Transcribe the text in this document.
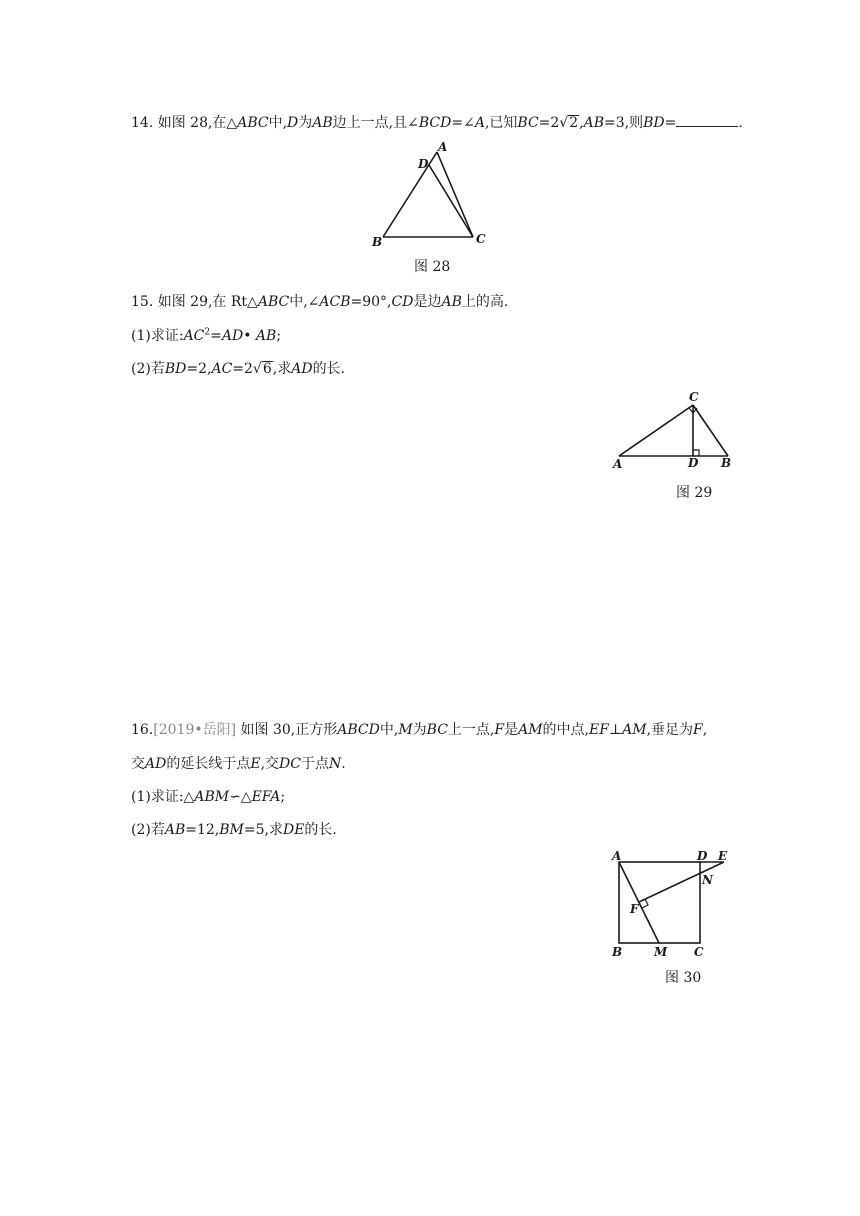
14. 如图 28,在△ABC中,D为AB边上一点,且∠BCD=∠A,已知BC=2√2,AB=3,则BD=	.
A
D
B	C
图 28
15. 如图 29,在 Rt△ABC中,∠ACB=90°,CD是边AB上的高.
(1)求证$:AC^2=AD•$ AB;
(2)若BD=2,AC=2√6,求AD的长.
C
A	D B
图 29
16.[2019•岳阳] 如图 30,正方形ABCD中,M为BC上一点,F是AM的中点,EF⊥AM,垂足为F,
交AD的延长线于点E,交DC于点N.
(1)求证:△ABM∽△EFA;
(2)若AB=12,BM=5,求DE的长.
A	D E
N
F
B	M C
图 30
